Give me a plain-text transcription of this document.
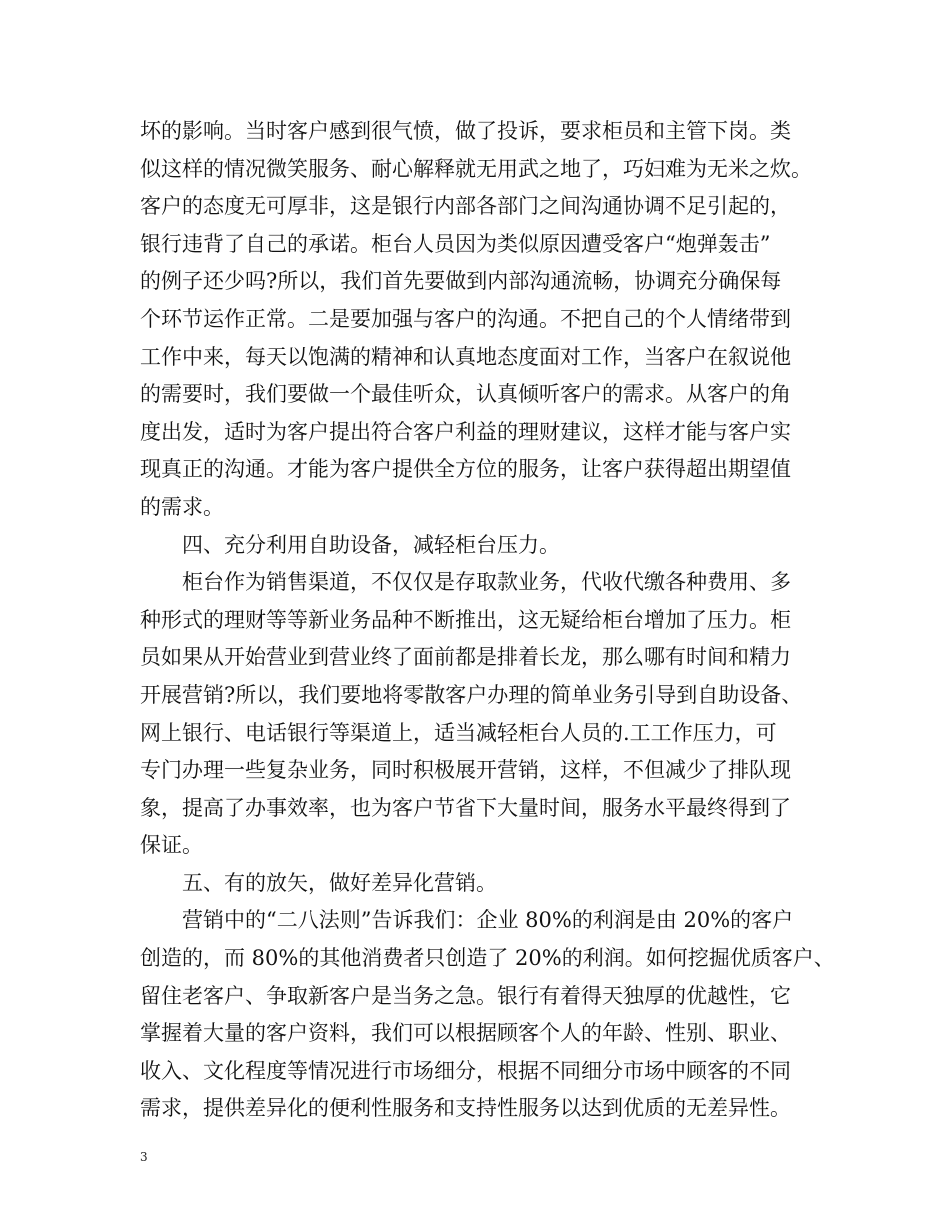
坏的影响。当时客户感到很气愤，做了投诉，要求柜员和主管下岗。类
似这样的情况微笑服务、耐心解释就无用武之地了，巧妇难为无米之炊。
客户的态度无可厚非，这是银行内部各部门之间沟通协调不足引起的，
银行违背了自己的承诺。柜台人员因为类似原因遭受客户“炮弹轰击”
的例子还少吗?所以，我们首先要做到内部沟通流畅，协调充分确保每
个环节运作正常。二是要加强与客户的沟通。不把自己的个人情绪带到
工作中来，每天以饱满的精神和认真地态度面对工作，当客户在叙说他
的需要时，我们要做一个最佳听众，认真倾听客户的需求。从客户的角
度出发，适时为客户提出符合客户利益的理财建议，这样才能与客户实
现真正的沟通。才能为客户提供全方位的服务，让客户获得超出期望值
的需求。
　　四、充分利用自助设备，减轻柜台压力。
　　柜台作为销售渠道，不仅仅是存取款业务，代收代缴各种费用、多
种形式的理财等等新业务品种不断推出，这无疑给柜台增加了压力。柜
员如果从开始营业到营业终了面前都是排着长龙，那么哪有时间和精力
开展营销?所以，我们要地将零散客户办理的简单业务引导到自助设备、
网上银行、电话银行等渠道上，适当减轻柜台人员的.工工作压力，可
专门办理一些复杂业务，同时积极展开营销，这样，不但减少了排队现
象，提高了办事效率，也为客户节省下大量时间，服务水平最终得到了
保证。
　　五、有的放矢，做好差异化营销。
　　营销中的“二八法则”告诉我们：企业 80%的利润是由 20%的客户
创造的，而 80%的其他消费者只创造了 20%的利润。如何挖掘优质客户、
留住老客户、争取新客户是当务之急。银行有着得天独厚的优越性，它
掌握着大量的客户资料，我们可以根据顾客个人的年龄、性别、职业、
收入、文化程度等情况进行市场细分，根据不同细分市场中顾客的不同
需求，提供差异化的便利性服务和支持性服务以达到优质的无差异性。
3
